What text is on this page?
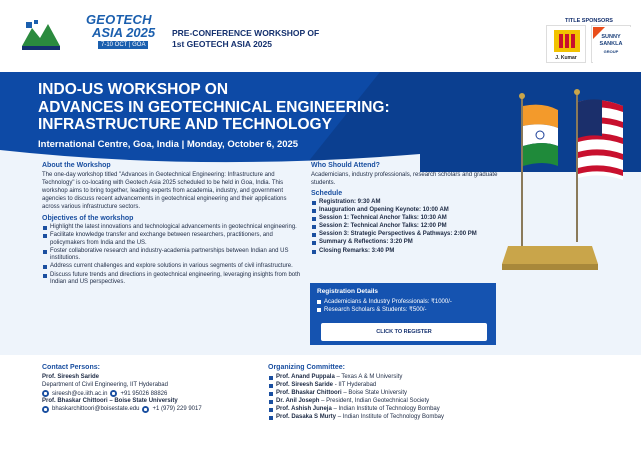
GEOTECH
ASIA 2025
7-10 OCT | GOA
PRE-CONFERENCE WORKSHOP OF
1st GEOTECH ASIA 2025
TITLE SPONSORS
J. Kumar
SUNNY
SANKLA
GROUP
INDO-US WORKSHOP ON
ADVANCES IN GEOTECHNICAL ENGINEERING:
INFRASTRUCTURE AND TECHNOLOGY
International Centre, Goa, India | Monday, October 6, 2025
About the Workshop
The one-day workshop titled "Advances in Geotechnical Engineering: Infrastructure and Technology" is co-locating with Geotech Asia 2025 scheduled to be held in Goa, India. This workshop aims to bring together, leading experts from academia, industry, and government agencies to discuss recent advancements in geotechnical engineering and their applications across various infrastructure sectors.
Objectives of the workshop
Highlight the latest innovations and technological advancements in geotechnical engineering.
Facilitate knowledge transfer and exchange between researchers, practitioners, and policymakers from India and the US.
Foster collaborative research and industry-academia partnerships between Indian and US institutions.
Address current challenges and explore solutions in various segments of civil infrastructure.
Discuss future trends and directions in geotechnical engineering, leveraging insights from both Indian and US perspectives.
Who Should Attend?
Academicians, industry professionals, research scholars and graduate students.
Schedule
Registration: 9:30 AM
Inauguration and Opening Keynote: 10:00 AM
Session 1: Technical Anchor Talks: 10:30 AM
Session 2: Technical Anchor Talks: 12:00 PM
Session 3: Strategic Perspectives & Pathways: 2:00 PM
Summary & Reflections: 3:20 PM
Closing Remarks: 3:40 PM
Registration Details
Academicians & Industry Professionals: ₹1000/-
Research Scholars & Students: ₹500/-
CLICK TO REGISTER
Contact Persons:
Prof. Sireesh Saride
Department of Civil Engineering, IIT Hyderabad
sireesh@ce.iith.ac.in +91 95026 88826
Prof. Bhaskar Chittoori – Boise State University
bhaskarchittoori@boisestate.edu +1 (979) 229 9017
Organizing Committee:
Prof. Anand Puppala – Texas A & M University
Prof. Sireesh Saride - IIT Hyderabad
Prof. Bhaskar Chittoori – Boise State University
Dr. Anil Joseph – President, Indian Geotechnical Society
Prof. Ashish Juneja – Indian Institute of Technology Bombay
Prof. Dasaka S Murty – Indian Institute of Technology Bombay
